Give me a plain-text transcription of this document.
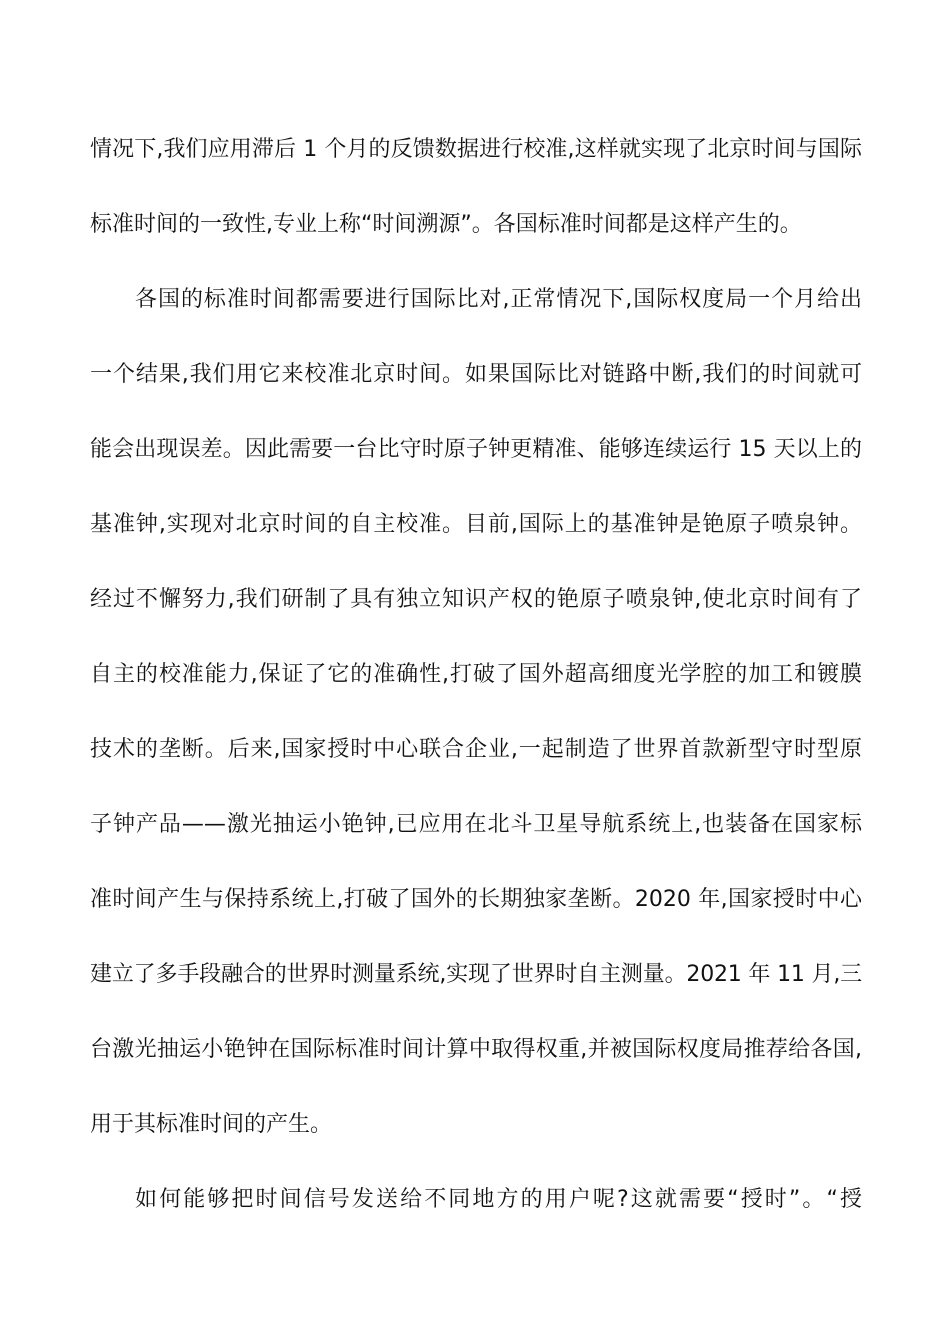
情况下,我们应用滞后 1 个月的反馈数据进行校准,这样就实现了北京时间与国际
标准时间的一致性,专业上称“时间溯源”。各国标准时间都是这样产生的。
各国的标准时间都需要进行国际比对,正常情况下,国际权度局一个月给出
一个结果,我们用它来校准北京时间。如果国际比对链路中断,我们的时间就可
能会出现误差。因此需要一台比守时原子钟更精准、能够连续运行 15 天以上的
基准钟,实现对北京时间的自主校准。目前,国际上的基准钟是铯原子喷泉钟。
经过不懈努力,我们研制了具有独立知识产权的铯原子喷泉钟,使北京时间有了
自主的校准能力,保证了它的准确性,打破了国外超高细度光学腔的加工和镀膜
技术的垄断。后来,国家授时中心联合企业,一起制造了世界首款新型守时型原
子钟产品——激光抽运小铯钟,已应用在北斗卫星导航系统上,也装备在国家标
准时间产生与保持系统上,打破了国外的长期独家垄断。2020 年,国家授时中心
建立了多手段融合的世界时测量系统,实现了世界时自主测量。2021 年 11 月,三
台激光抽运小铯钟在国际标准时间计算中取得权重,并被国际权度局推荐给各国,
用于其标准时间的产生。
如何能够把时间信号发送给不同地方的用户呢?这就需要“授时”。“授
